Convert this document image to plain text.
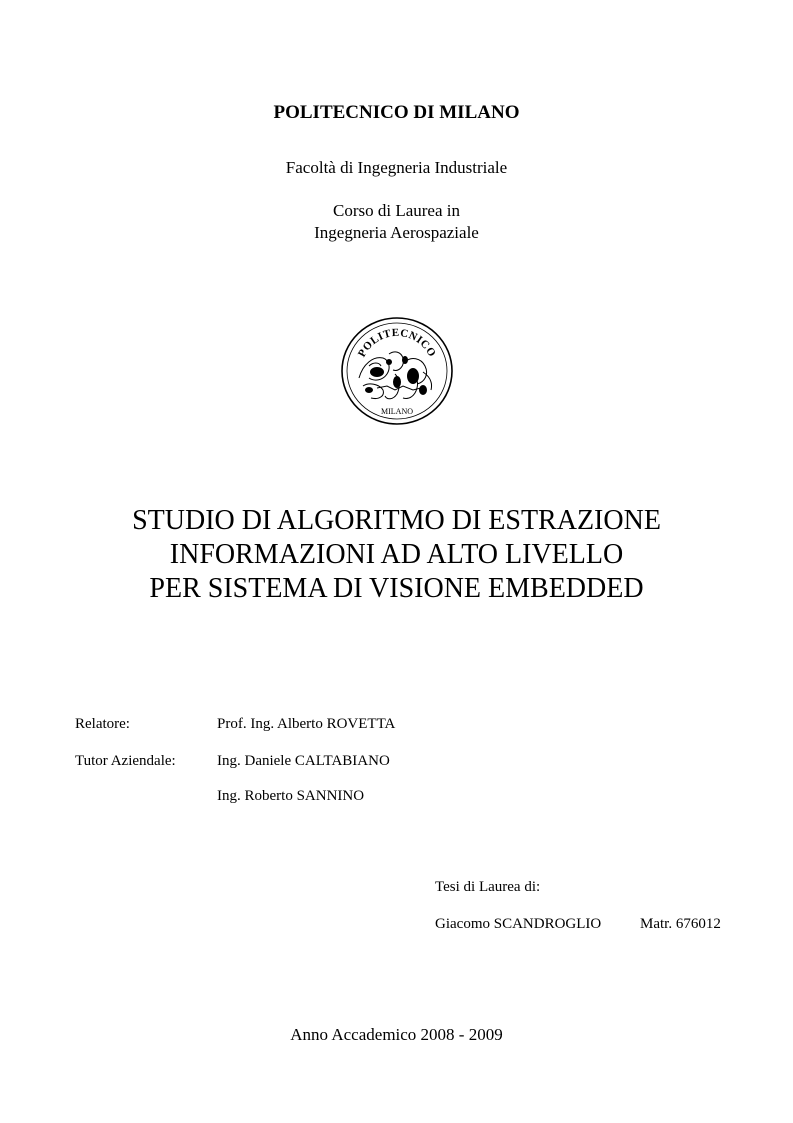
POLITECNICO DI MILANO
Facoltà di Ingegneria Industriale
Corso di Laurea in
Ingegneria Aerospaziale
POLITECNICO
MILANO
STUDIO DI ALGORITMO DI ESTRAZIONE
INFORMAZIONI AD ALTO LIVELLO
PER SISTEMA DI VISIONE EMBEDDED
Relatore:	Prof. Ing. Alberto ROVETTA
Tutor Aziendale:	Ing. Daniele CALTABIANO
Ing. Roberto SANNINO
Tesi di Laurea di:
Giacomo SCANDROGLIO	Matr. 676012
Anno Accademico 2008 - 2009
